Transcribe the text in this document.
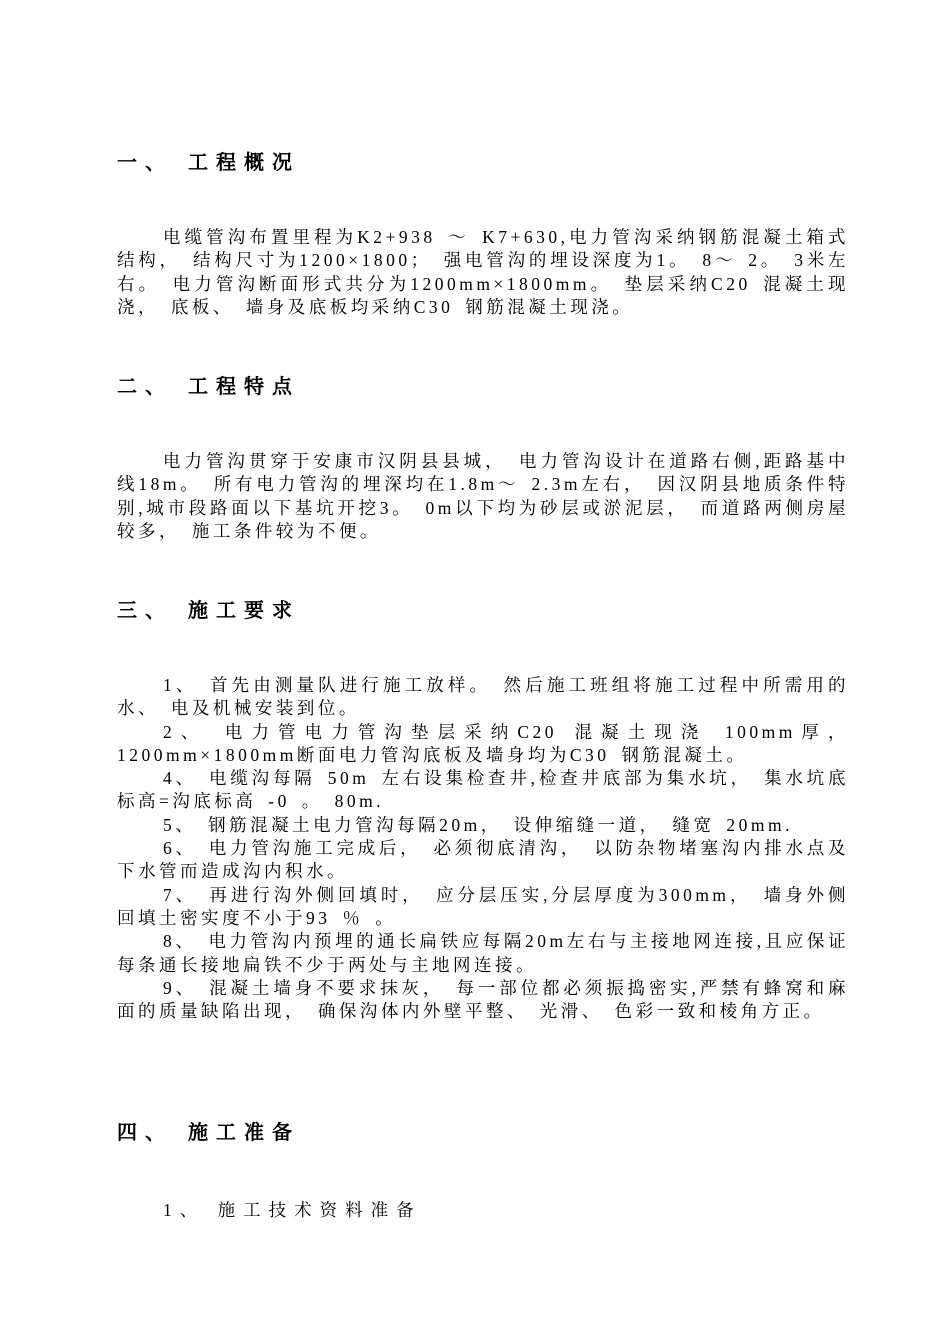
一、 工程概况

电缆管沟布置里程为K2+938 ～ K7+630,电力管沟采纳钢筋混凝土箱式结构， 结构尺寸为1200×1800； 强电管沟的埋设深度为1。 8～ 2。 3米左右。 电力管沟断面形式共分为1200mm×1800mm。 垫层采纳C20 混凝土现浇， 底板、 墙身及底板均采纳C30 钢筋混凝土现浇。

二、 工程特点

电力管沟贯穿于安康市汉阴县县城， 电力管沟设计在道路右侧,距路基中线18m。 所有电力管沟的埋深均在1.8m～ 2.3m左右， 因汉阴县地质条件特别,城市段路面以下基坑开挖3。 0m以下均为砂层或淤泥层， 而道路两侧房屋较多， 施工条件较为不便。

三、 施工要求

1、 首先由测量队进行施工放样。 然后施工班组将施工过程中所需用的水、 电及机械安装到位。

2、 电力管电力管沟垫层采纳C20 混凝土现浇 100mm厚，1200mm×1800mm断面电力管沟底板及墙身均为C30 钢筋混凝土。

4、 电缆沟每隔 50m 左右设集检查井,检查井底部为集水坑， 集水坑底标高=沟底标高 -0 。 80m.

5、 钢筋混凝土电力管沟每隔20m， 设伸缩缝一道， 缝宽 20mm.

6、 电力管沟施工完成后， 必须彻底清沟， 以防杂物堵塞沟内排水点及下水管而造成沟内积水。

7、 再进行沟外侧回填时， 应分层压实,分层厚度为300mm， 墙身外侧回填土密实度不小于93 ％ 。

8、 电力管沟内预埋的通长扁铁应每隔20m左右与主接地网连接,且应保证每条通长接地扁铁不少于两处与主地网连接。

9、 混凝土墙身不要求抹灰， 每一部位都必须振捣密实,严禁有蜂窝和麻面的质量缺陷出现， 确保沟体内外壁平整、 光滑、 色彩一致和棱角方正。

四、 施工准备
1、 施工技术资料准备
